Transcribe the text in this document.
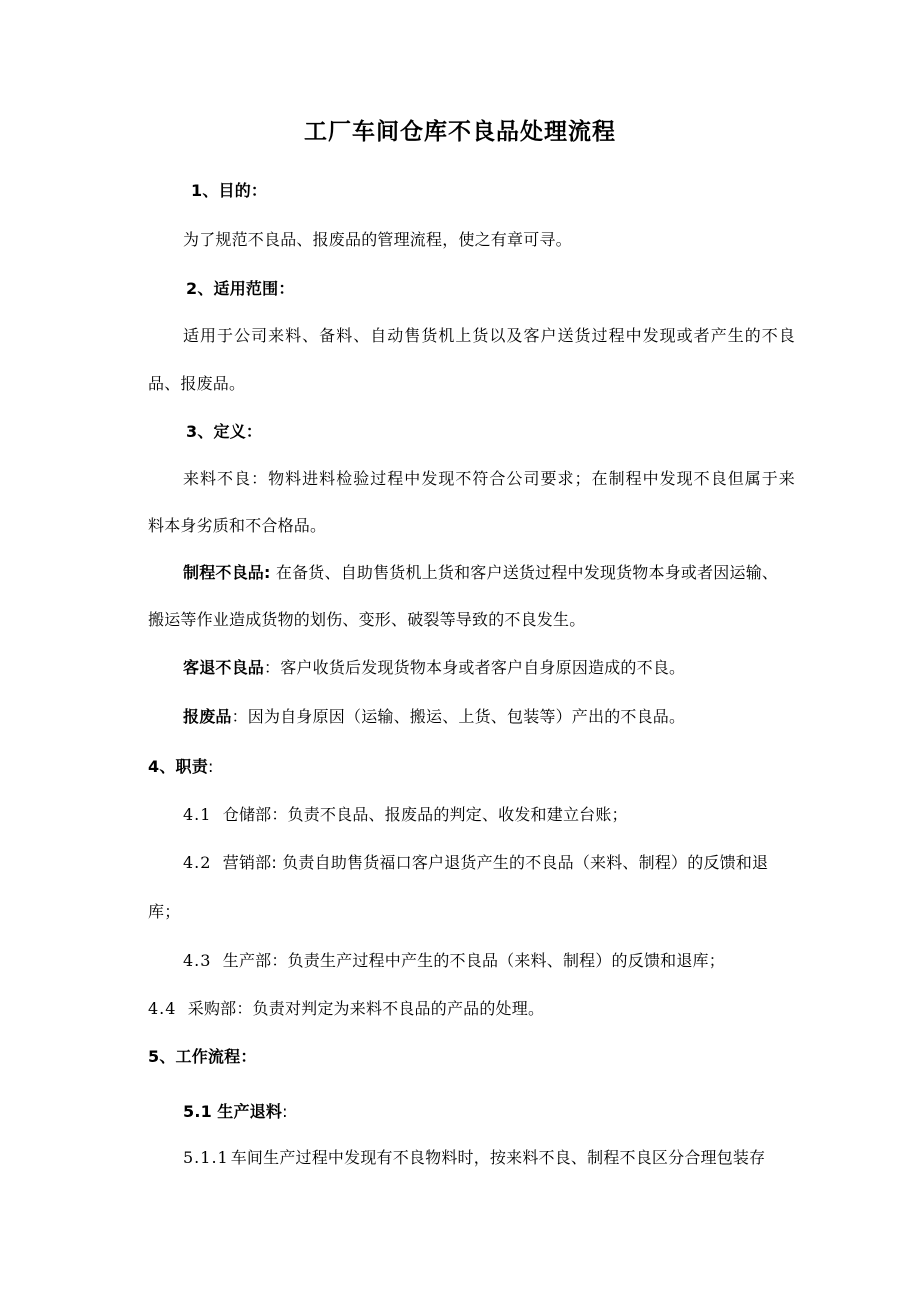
工厂车间仓库不良品处理流程
1、目的：
为了规范不良品、报废品的管理流程，使之有章可寻。
2、适用范围：
适用于公司来料、备料、自动售货机上货以及客户送货过程中发现或者产生的不良
品、报废品。
3、定义：
来料不良：物料进料检验过程中发现不符合公司要求；在制程中发现不良但属于来
料本身劣质和不合格品。
制程不良品: 在备货、自助售货机上货和客户送货过程中发现货物本身或者因运输、
搬运等作业造成货物的划伤、变形、破裂等导致的不良发生。
客退不良品：客户收货后发现货物本身或者客户自身原因造成的不良。
报废品：因为自身原因（运输、搬运、上货、包装等）产出的不良品。
4、职责:
4.1 仓储部：负责不良品、报废品的判定、收发和建立台账；
4.2 营销部: 负责自助售货福口客户退货产生的不良品（来料、制程）的反馈和退
库；
4.3 生产部：负责生产过程中产生的不良品（来料、制程）的反馈和退库；
4.4 采购部：负责对判定为来料不良品的产品的处理。
5、工作流程：
5.1 生产退料:
5.1.1 车间生产过程中发现有不良物料时，按来料不良、制程不良区分合理包装存
